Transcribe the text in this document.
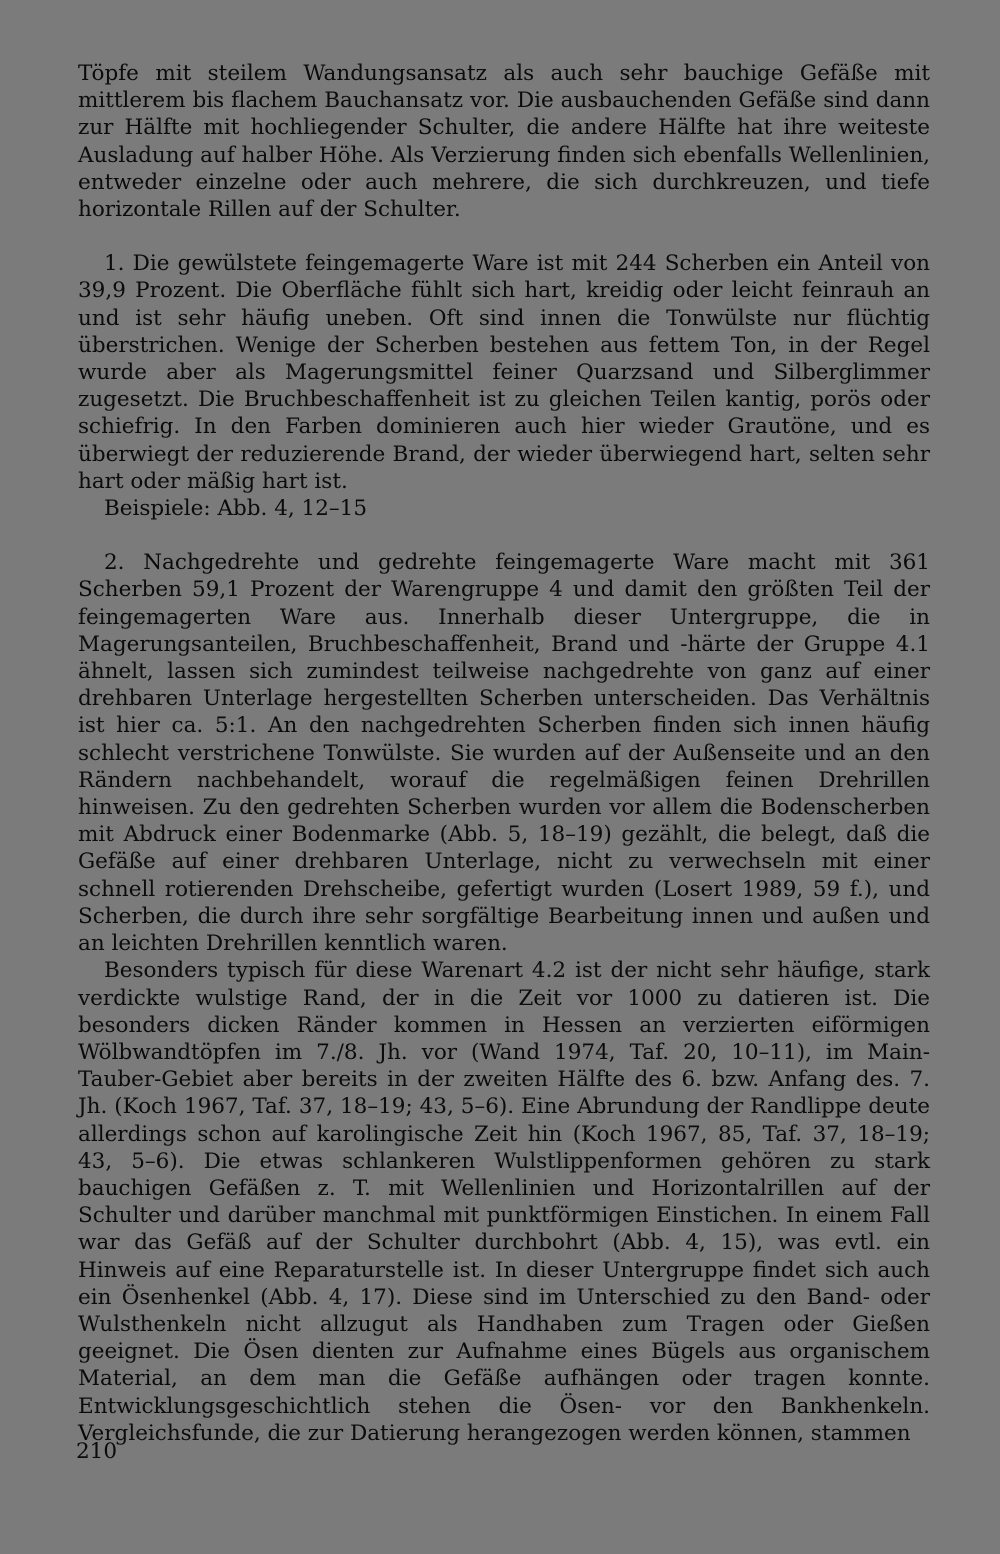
Töpfe mit steilem Wandungsansatz als auch sehr bauchige Gefäße mit mittlerem bis flachem Bauchansatz vor. Die ausbauchenden Gefäße sind dann zur Hälfte mit hochliegender Schulter, die andere Hälfte hat ihre weiteste Ausladung auf halber Höhe. Als Verzierung finden sich ebenfalls Wellenlinien, entweder einzelne oder auch mehrere, die sich durchkreuzen, und tiefe horizontale Rillen auf der Schulter.

1. Die gewülstete feingemagerte Ware ist mit 244 Scherben ein Anteil von 39,9 Prozent. Die Oberfläche fühlt sich hart, kreidig oder leicht feinrauh an und ist sehr häufig uneben. Oft sind innen die Tonwülste nur flüchtig überstrichen. Wenige der Scherben bestehen aus fettem Ton, in der Regel wurde aber als Magerungsmittel feiner Quarzsand und Silberglimmer zugesetzt. Die Bruchbeschaffenheit ist zu gleichen Teilen kantig, porös oder schiefrig. In den Farben dominieren auch hier wieder Grautöne, und es überwiegt der reduzierende Brand, der wieder überwiegend hart, selten sehr hart oder mäßig hart ist.

Beispiele: Abb. 4, 12–15

2. Nachgedrehte und gedrehte feingemagerte Ware macht mit 361 Scherben 59,1 Prozent der Warengruppe 4 und damit den größten Teil der feingemagerten Ware aus. Innerhalb dieser Untergruppe, die in Magerungsanteilen, Bruchbeschaffenheit, Brand und -härte der Gruppe 4.1 ähnelt, lassen sich zumindest teilweise nachgedrehte von ganz auf einer drehbaren Unterlage hergestellten Scherben unterscheiden. Das Verhältnis ist hier ca. 5:1. An den nachgedrehten Scherben finden sich innen häufig schlecht verstrichene Tonwülste. Sie wurden auf der Außenseite und an den Rändern nachbehandelt, worauf die regelmäßigen feinen Drehrillen hinweisen. Zu den gedrehten Scherben wurden vor allem die Bodenscherben mit Abdruck einer Bodenmarke (Abb. 5, 18–19) gezählt, die belegt, daß die Gefäße auf einer drehbaren Unterlage, nicht zu verwechseln mit einer schnell rotierenden Drehscheibe, gefertigt wurden (Losert 1989, 59 f.), und Scherben, die durch ihre sehr sorgfältige Bearbeitung innen und außen und an leichten Drehrillen kenntlich waren.

Besonders typisch für diese Warenart 4.2 ist der nicht sehr häufige, stark verdickte wulstige Rand, der in die Zeit vor 1000 zu datieren ist. Die besonders dicken Ränder kommen in Hessen an verzierten eiförmigen Wölbwandtöpfen im 7./8. Jh. vor (Wand 1974, Taf. 20, 10–11), im Main-Tauber-Gebiet aber bereits in der zweiten Hälfte des 6. bzw. Anfang des. 7. Jh. (Koch 1967, Taf. 37, 18–19; 43, 5–6). Eine Abrundung der Randlippe deute allerdings schon auf karolingische Zeit hin (Koch 1967, 85, Taf. 37, 18–19; 43, 5–6). Die etwas schlankeren Wulstlippenformen gehören zu stark bauchigen Gefäßen z. T. mit Wellenlinien und Horizontalrillen auf der Schulter und darüber manchmal mit punktförmigen Einstichen. In einem Fall war das Gefäß auf der Schulter durchbohrt (Abb. 4, 15), was evtl. ein Hinweis auf eine Reparaturstelle ist. In dieser Untergruppe findet sich auch ein Ösenhenkel (Abb. 4, 17). Diese sind im Unterschied zu den Band- oder Wulsthenkeln nicht allzugut als Handhaben zum Tragen oder Gießen geeignet. Die Ösen dienten zur Aufnahme eines Bügels aus organischem Material, an dem man die Gefäße aufhängen oder tragen konnte. Entwicklungsgeschichtlich stehen die Ösen- vor den Bankhenkeln. Vergleichsfunde, die zur Datierung herangezogen werden können, stammen

210
